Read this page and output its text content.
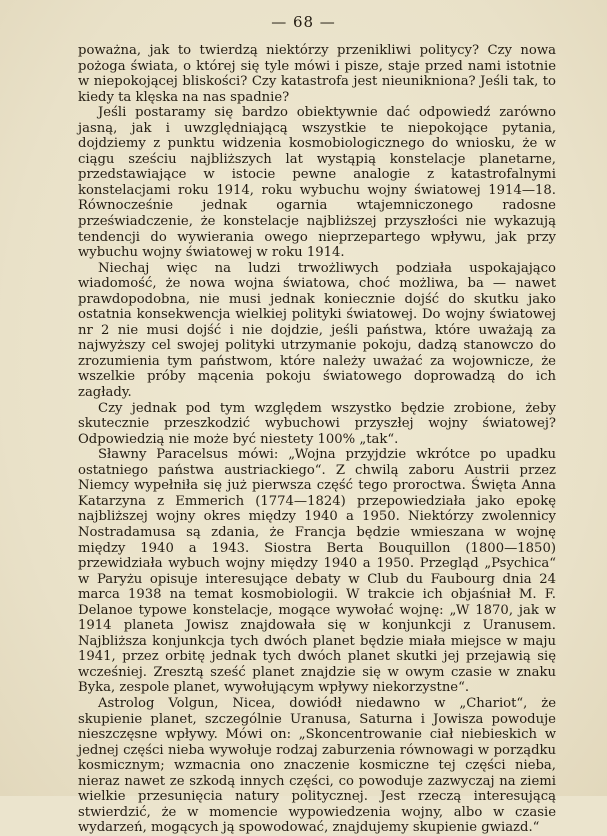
— 68 —

poważna, jak to twierdzą niektórzy przenikliwi politycy? Czy nowa pożoga świata, o której się tyle mówi i pisze, staje przed nami istotnie w niepokojącej bliskości? Czy katastrofa jest nieunikniona? Jeśli tak, to kiedy ta klęska na nas spadnie?

Jeśli postaramy się bardzo obiektywnie dać odpowiedź zarówno jasną, jak i uwzględniającą wszystkie te niepokojące pytania, dojdziemy z punktu widzenia kosmobiologicznego do wniosku, że w ciągu sześciu najbliższych lat wystąpią konstelacje planetarne, przedstawiające w istocie pewne analogie z katastrofalnymi konstelacjami roku 1914, roku wybuchu wojny światowej 1914—18. Równocześnie jednak ogarnia wtajemniczonego radosne przeświadczenie, że konstelacje najbliższej przyszłości nie wykazują tendencji do wywierania owego nieprzepartego wpływu, jak przy wybuchu wojny światowej w roku 1914.

Niechaj więc na ludzi trwożliwych podziała uspokajająco wiadomość, że nowa wojna światowa, choć możliwa, ba — nawet prawdopodobna, nie musi jednak koniecznie dojść do skutku jako ostatnia konsekwencja wielkiej polityki światowej. Do wojny światowej nr 2 nie musi dojść i nie dojdzie, jeśli państwa, które uważają za najwyższy cel swojej polityki utrzymanie pokoju, dadzą stanowczo do zrozumienia tym państwom, które należy uważać za wojownicze, że wszelkie próby mącenia pokoju światowego doprowadzą do ich zagłady.

Czy jednak pod tym względem wszystko będzie zrobione, żeby skutecznie przeszkodzić wybuchowi przyszłej wojny światowej? Odpowiedzią nie może być niestety 100% „tak“.

Sławny Paracelsus mówi: „Wojna przyjdzie wkrótce po upadku ostatniego państwa austriackiego“. Z chwilą zaboru Austrii przez Niemcy wypełniła się już pierwsza część tego proroctwa. Święta Anna Katarzyna z Emmerich (1774—1824) przepowiedziała jako epokę najbliższej wojny okres między 1940 a 1950. Niektórzy zwolennicy Nostradamusa są zdania, że Francja będzie wmieszana w wojnę między 1940 a 1943. Siostra Berta Bouquillon (1800—1850) przewidziała wybuch wojny między 1940 a 1950. Przegląd „Psychica“ w Paryżu opisuje interesujące debaty w Club du Faubourg dnia 24 marca 1938 na temat kosmobiologii. W trakcie ich objaśniał M. F. Delanoe typowe konstelacje, mogące wywołać wojnę: „W 1870, jak w 1914 planeta Jowisz znajdowała się w konjunkcji z Uranusem. Najbliższa konjunkcja tych dwóch planet będzie miała miejsce w maju 1941, przez orbitę jednak tych dwóch planet skutki jej przejawią się wcześniej. Zresztą sześć planet znajdzie się w owym czasie w znaku Byka, zespole planet, wywołującym wpływy niekorzystne“.

Astrolog Volgun, Nicea, dowiódł niedawno w „Chariot“, że skupienie planet, szczególnie Uranusa, Saturna i Jowisza powoduje nieszczęsne wpływy. Mówi on: „Skoncentrowanie ciał niebieskich w jednej części nieba wywołuje rodzaj zaburzenia równowagi w porządku kosmicznym; wzmacnia ono znaczenie kosmiczne tej części nieba, nieraz nawet ze szkodą innych części, co powoduje zazwyczaj na ziemi wielkie przesunięcia natury politycznej. Jest rzeczą interesującą stwierdzić, że w momencie wypowiedzenia wojny, albo w czasie wydarzeń, mogących ją spowodować, znajdujemy skupienie gwiazd.“
